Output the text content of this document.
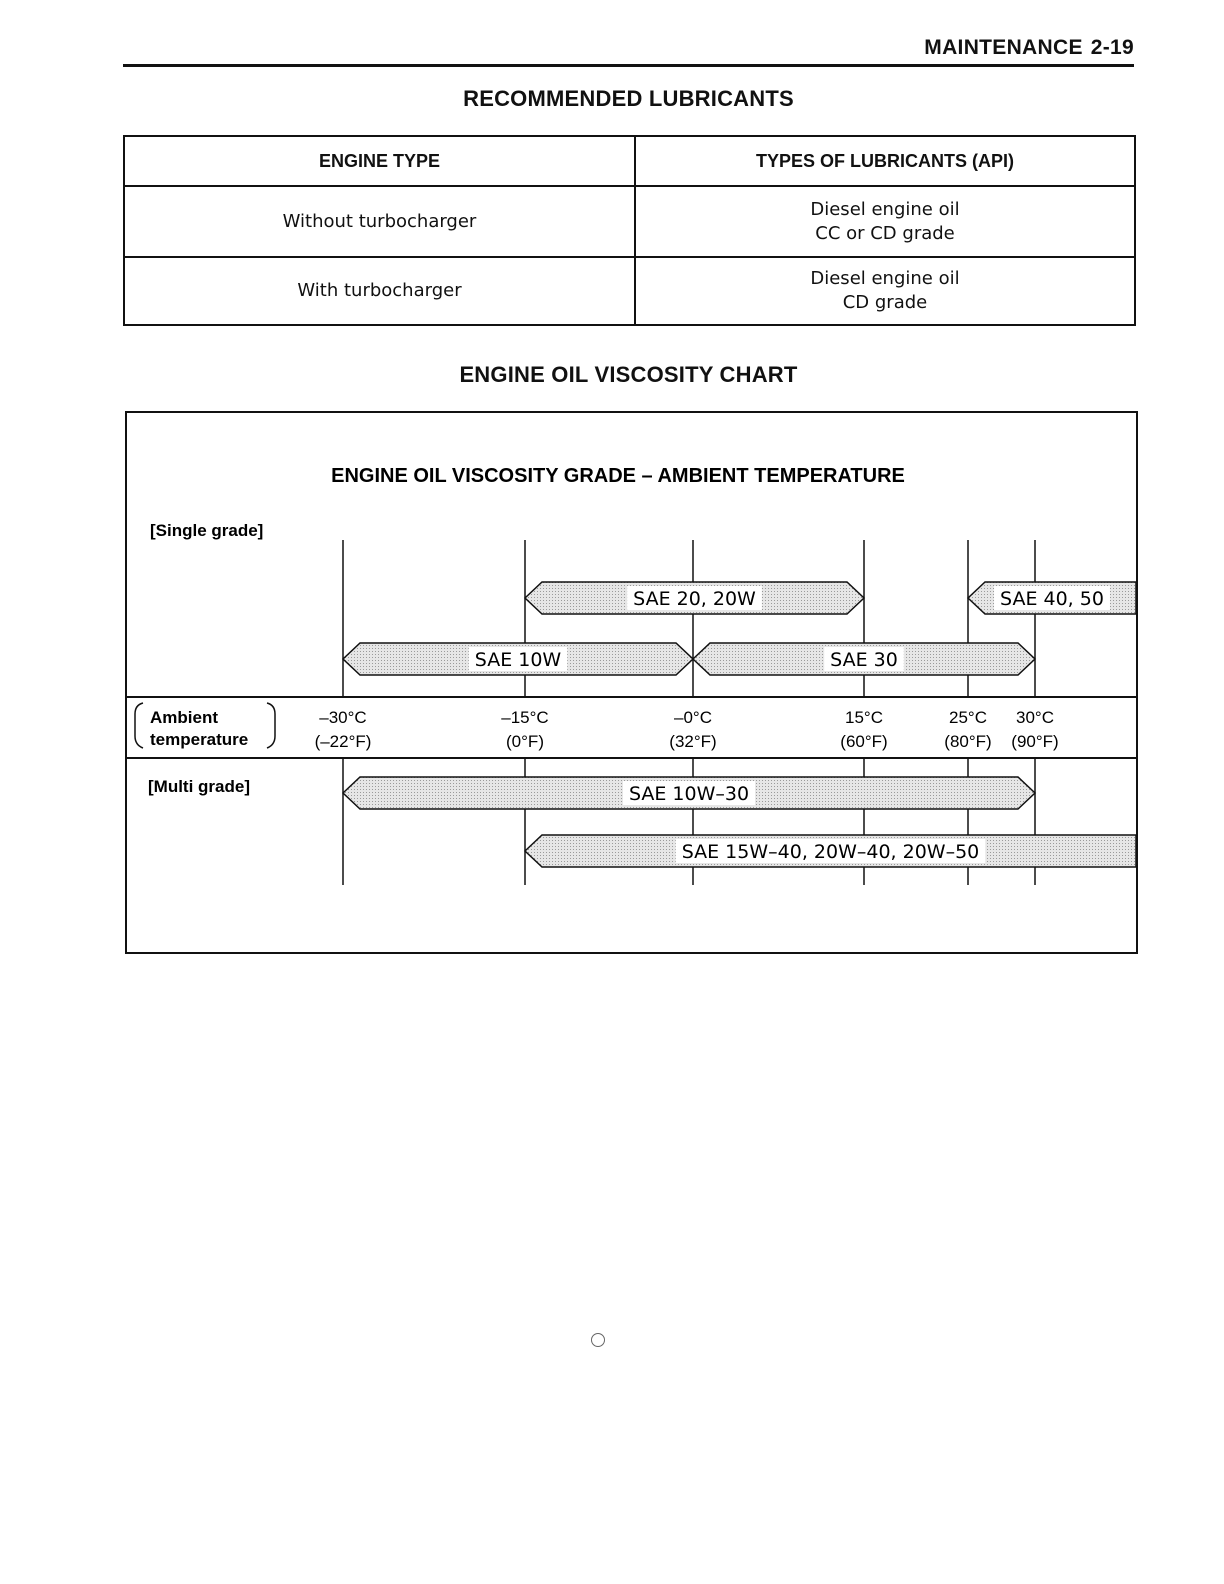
MAINTENANCE 2-19
RECOMMENDED LUBRICANTS
ENGINE TYPE	TYPES OF LUBRICANTS (API)
Without turbocharger	Diesel engine oil
CC or CD grade

With turbocharger	Diesel engine oil
CD grade
ENGINE OIL VISCOSITY CHART
ENGINE OIL VISCOSITY GRADE – AMBIENT TEMPERATURE
[Single grade]
[Multi grade]
Ambient
temperature
–30°C
(–22°F)
–15°C
(0°F)
–0°C
(32°F)
15°C
(60°F)
25°C
(80°F)
30°C
(90°F)
SAE 20, 20W	SAE 40, 50
SAE 10W	SAE 30
SAE 10W–30
SAE 15W–40, 20W–40, 20W–50
